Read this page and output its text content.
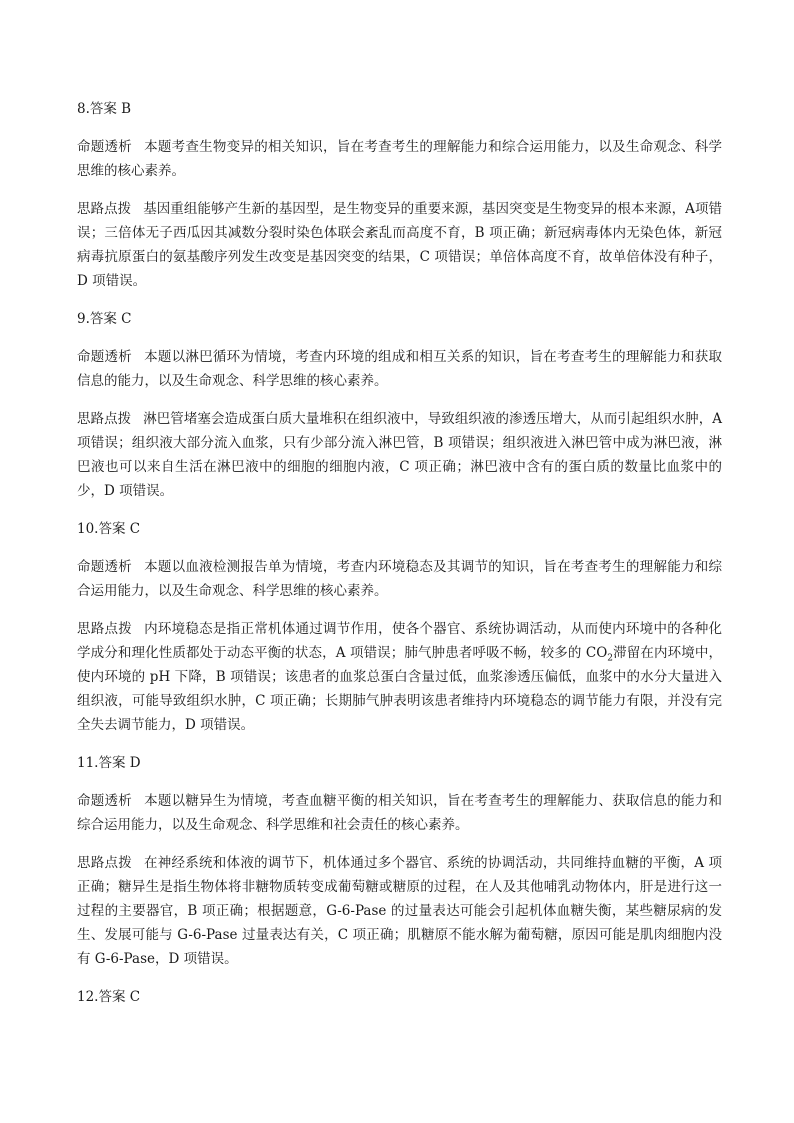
8.答案 B

命题透析 本题考查生物变异的相关知识，旨在考查考生的理解能力和综合运用能力，以及生命观念、科学思维的核心素养。

思路点拨 基因重组能够产生新的基因型，是生物变异的重要来源，基因突变是生物变异的根本来源，A项错误；三倍体无子西瓜因其减数分裂时染色体联会紊乱而高度不育，B 项正确；新冠病毒体内无染色体，新冠病毒抗原蛋白的氨基酸序列发生改变是基因突变的结果，C 项错误；单倍体高度不育，故单倍体没有种子，D 项错误。

9.答案 C

命题透析 本题以淋巴循环为情境，考查内环境的组成和相互关系的知识，旨在考查考生的理解能力和获取信息的能力，以及生命观念、科学思维的核心素养。

思路点拨 淋巴管堵塞会造成蛋白质大量堆积在组织液中，导致组织液的渗透压增大，从而引起组织水肿，A 项错误；组织液大部分流入血浆，只有少部分流入淋巴管，B 项错误；组织液进入淋巴管中成为淋巴液，淋巴液也可以来自生活在淋巴液中的细胞的细胞内液，C 项正确；淋巴液中含有的蛋白质的数量比血浆中的少，D 项错误。

10.答案 C

命题透析 本题以血液检测报告单为情境，考查内环境稳态及其调节的知识，旨在考查考生的理解能力和综合运用能力，以及生命观念、科学思维的核心素养。

思路点拨 内环境稳态是指正常机体通过调节作用，使各个器官、系统协调活动，从而使内环境中的各种化学成分和理化性质都处于动态平衡的状态，A 项错误；肺气肿患者呼吸不畅，较多的 $CO_2$滞留在内环境中，使内环境的 pH 下降，B 项错误；该患者的血浆总蛋白含量过低，血浆渗透压偏低，血浆中的水分大量进入组织液，可能导致组织水肿，C 项正确；长期肺气肿表明该患者维持内环境稳态的调节能力有限，并没有完全失去调节能力，D 项错误。

11.答案 D

命题透析 本题以糖异生为情境，考查血糖平衡的相关知识，旨在考查考生的理解能力、获取信息的能力和综合运用能力，以及生命观念、科学思维和社会责任的核心素养。

思路点拨 在神经系统和体液的调节下，机体通过多个器官、系统的协调活动，共同维持血糖的平衡，A 项正确；糖异生是指生物体将非糖物质转变成葡萄糖或糖原的过程，在人及其他哺乳动物体内，肝是进行这一过程的主要器官，B 项正确；根据题意，G-6-Pase 的过量表达可能会引起机体血糖失衡，某些糖尿病的发生、发展可能与 G-6-Pase 过量表达有关，C 项正确；肌糖原不能水解为葡萄糖，原因可能是肌肉细胞内没有 G-6-Pase，D 项错误。

12.答案 C
